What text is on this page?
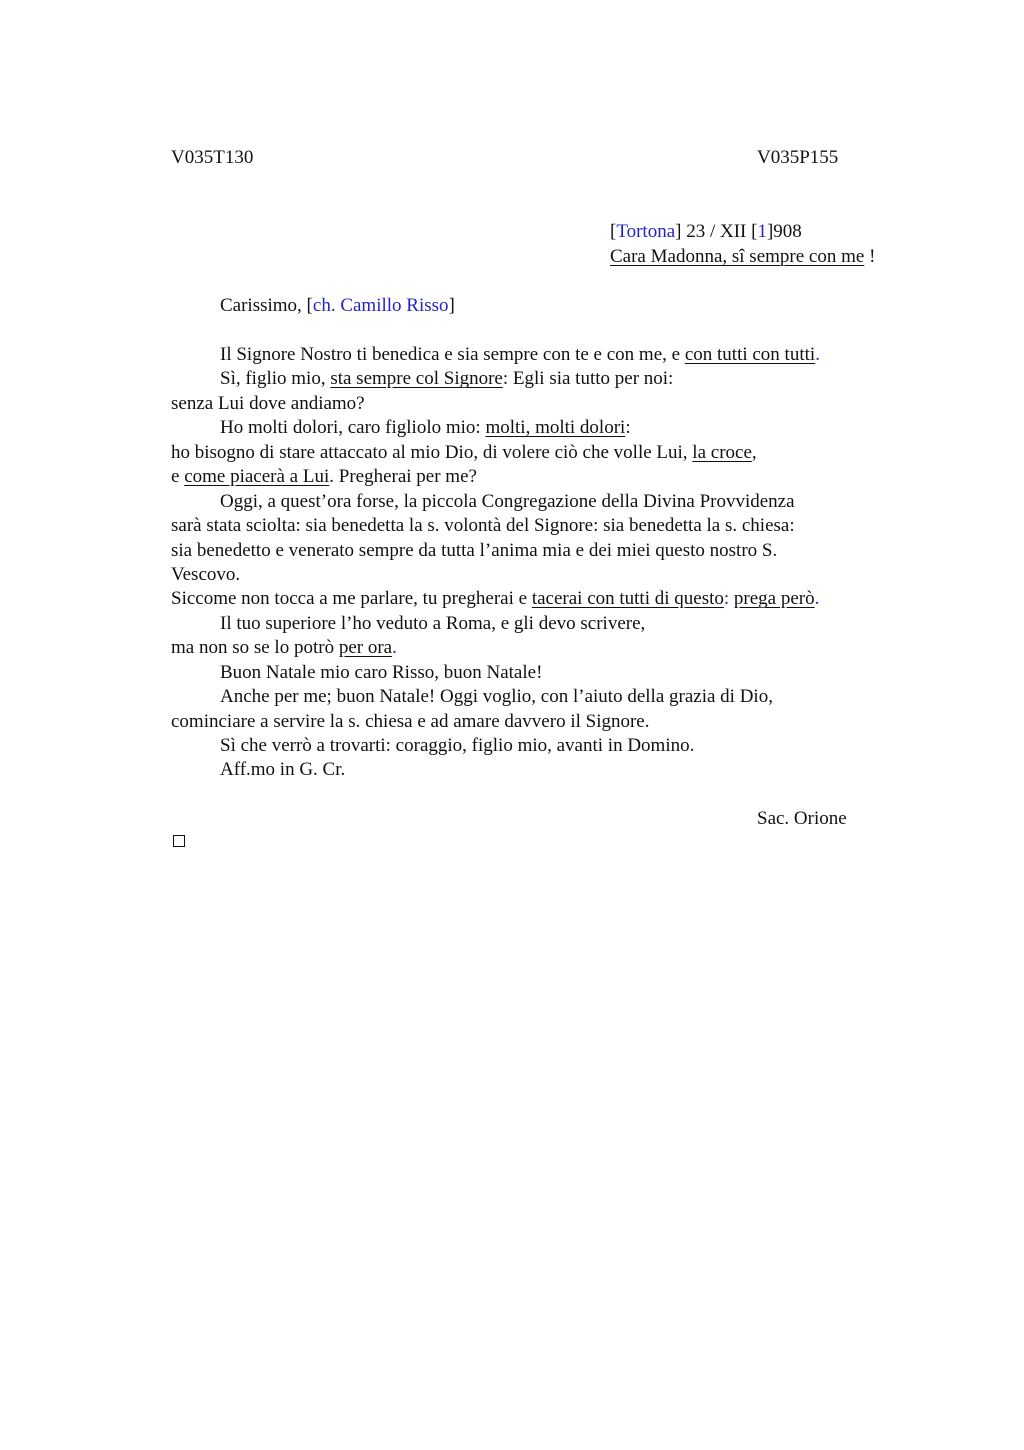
V035T130	V035P155
[Tortona] 23 / XII [1]908
Cara Madonna, sî sempre con me !
Carissimo, [ch. Camillo Risso]
Il Signore Nostro ti benedica e sia sempre con te e con me, e con tutti con tutti.
Sì, figlio mio, sta sempre col Signore: Egli sia tutto per noi:
senza Lui dove andiamo?
Ho molti dolori, caro figliolo mio: molti, molti dolori:
ho bisogno di stare attaccato al mio Dio, di volere ciò che volle Lui, la croce,
e come piacerà a Lui. Pregherai per me?
Oggi, a quest’ora forse, la piccola Congregazione della Divina Provvidenza
sarà stata sciolta: sia benedetta la s. volontà del Signore: sia benedetta la s. chiesa:
sia benedetto e venerato sempre da tutta l’anima mia e dei miei questo nostro S.
Vescovo.
Siccome non tocca a me parlare, tu pregherai e tacerai con tutti di questo: prega però.
Il tuo superiore l’ho veduto a Roma, e gli devo scrivere,
ma non so se lo potrò per ora.
Buon Natale mio caro Risso, buon Natale!
Anche per me; buon Natale! Oggi voglio, con l’aiuto della grazia di Dio,
cominciare a servire la s. chiesa e ad amare davvero il Signore.
Sì che verrò a trovarti: coraggio, figlio mio, avanti in Domino.
Aff.mo in G. Cr.
Sac. Orione
